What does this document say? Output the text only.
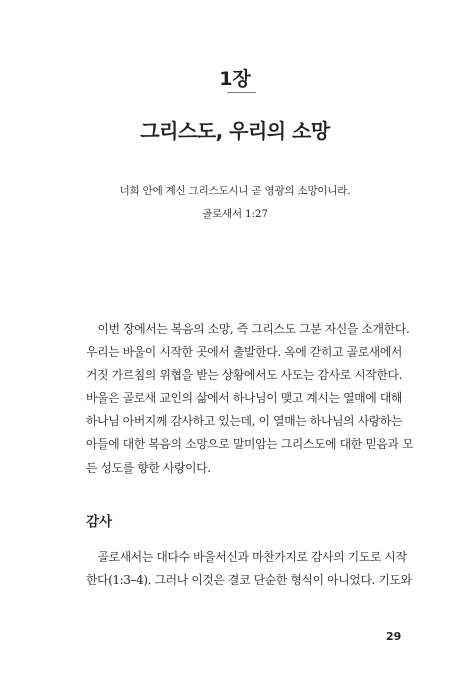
1장
그리스도, 우리의 소망
너희 안에 계신 그리스도시니 곧 영광의 소망이니라.
골로새서 1:27
　이번 장에서는 복음의 소망, 즉 그리스도 그분 자신을 소개한다.
우리는 바울이 시작한 곳에서 출발한다. 옥에 갇히고 골로새에서
거짓 가르침의 위협을 받는 상황에서도 사도는 감사로 시작한다.
바울은 골로새 교인의 삶에서 하나님이 맺고 계시는 열매에 대해
하나님 아버지께 감사하고 있는데, 이 열매는 하나님의 사랑하는
아들에 대한 복음의 소망으로 말미암는 그리스도에 대한 믿음과 모
든 성도를 향한 사랑이다.
감사
　골로새서는 대다수 바울서신과 마찬가지로 감사의 기도로 시작
한다(1:3–4). 그러나 이것은 결코 단순한 형식이 아니었다. 기도와
29
